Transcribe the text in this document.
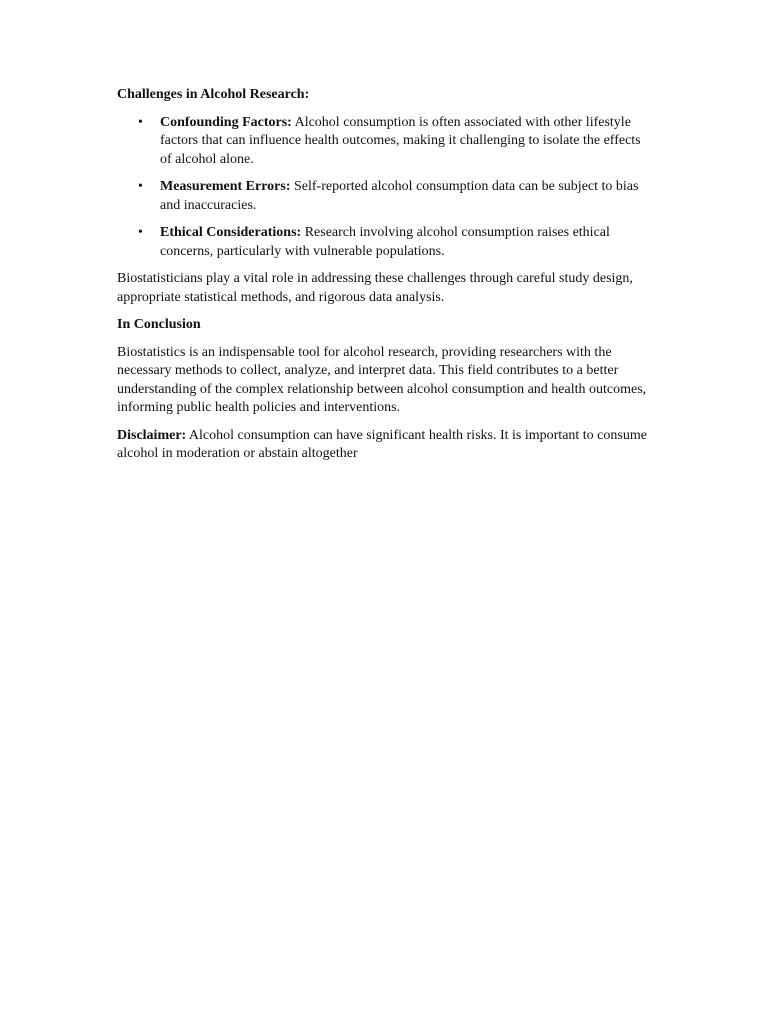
Challenges in Alcohol Research:

• Confounding Factors: Alcohol consumption is often associated with other lifestyle factors that can influence health outcomes, making it challenging to isolate the effects of alcohol alone.
• Measurement Errors: Self-reported alcohol consumption data can be subject to bias and inaccuracies.
• Ethical Considerations: Research involving alcohol consumption raises ethical concerns, particularly with vulnerable populations.

Biostatisticians play a vital role in addressing these challenges through careful study design, appropriate statistical methods, and rigorous data analysis.

In Conclusion

Biostatistics is an indispensable tool for alcohol research, providing researchers with the necessary methods to collect, analyze, and interpret data. This field contributes to a better understanding of the complex relationship between alcohol consumption and health outcomes, informing public health policies and interventions.

Disclaimer: Alcohol consumption can have significant health risks. It is important to consume alcohol in moderation or abstain altogether
